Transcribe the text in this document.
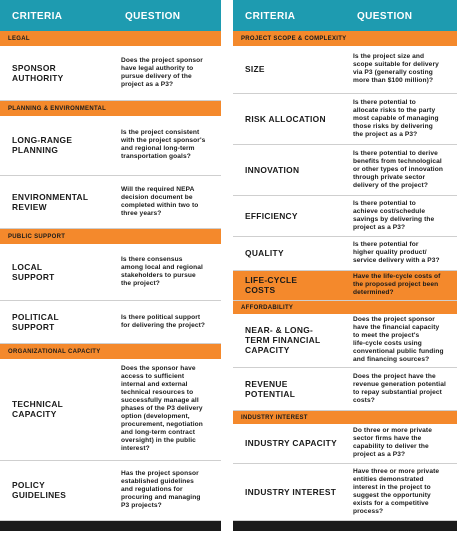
CRITERIA	QUESTION
LEGAL
SPONSOR
AUTHORITY
Does the project sponsor
have legal authority to
pursue delivery of the
project as a P3?
PLANNING & ENVIRONMENTAL
LONG-RANGE
PLANNING
Is the project consistent
with the project sponsor's
and regional long-term
transportation goals?
ENVIRONMENTAL
REVIEW
Will the required NEPA
decision document be
completed within two to
three years?
PUBLIC SUPPORT
LOCAL
SUPPORT
Is there consensus
among local and regional
stakeholders to pursue
the project?
POLITICAL
SUPPORT
Is there political support
for delivering the project?
ORGANIZATIONAL CAPACITY
TECHNICAL
CAPACITY
Does the sponsor have
access to sufficient
internal and external
technical resources to
successfully manage all
phases of the P3 delivery
option (development,
procurement, negotiation
and long-term contract
oversight) in the public
interest?
POLICY
GUIDELINES
Has the project sponsor
established guidelines
and regulations for
procuring and managing
P3 projects?
CRITERIA	QUESTION
PROJECT SCOPE & COMPLEXITY
SIZE
Is the project size and
scope suitable for delivery
via P3 (generally costing
more than $100 million)?
RISK ALLOCATION
Is there potential to
allocate risks to the party
most capable of managing
those risks by delivering
the project as a P3?
INNOVATION
Is there potential to derive
benefits from technological
or other types of innovation
through private sector
delivery of the project?
EFFICIENCY
Is there potential to
achieve cost/schedule
savings by delivering the
project as a P3?
QUALITY
Is there potential for
higher quality product/
service delivery with a P3?
LIFE-CYCLE
COSTS
Have the life-cycle costs of
the proposed project been
determined?
AFFORDABILITY
NEAR- & LONG-
TERM FINANCIAL
CAPACITY
Does the project sponsor
have the financial capacity
to meet the project's
life-cycle costs using
conventional public funding
and financing sources?
REVENUE
POTENTIAL
Does the project have the
revenue generation potential
to repay substantial project
costs?
INDUSTRY INTEREST
INDUSTRY CAPACITY
Do three or more private
sector firms have the
capability to deliver the
project as a P3?
INDUSTRY INTEREST
Have three or more private
entities demonstrated
interest in the project to
suggest the opportunity
exists for a competitive
process?
